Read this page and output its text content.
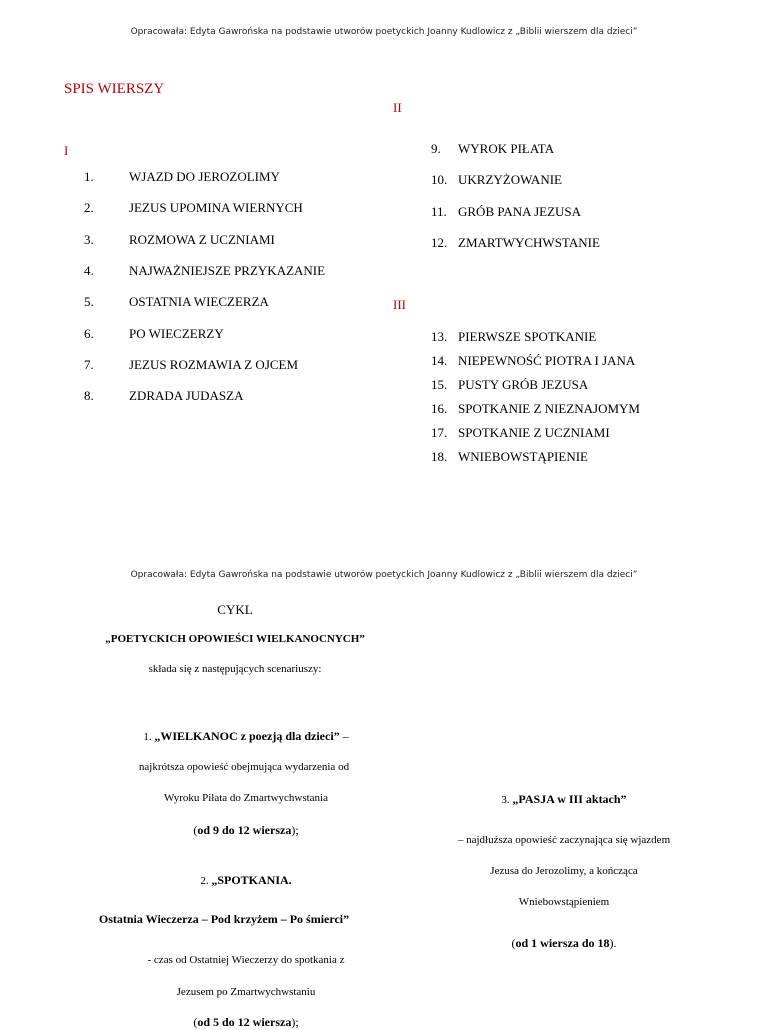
Opracowała: Edyta Gawrońska na podstawie utworów poetyckich Joanny Kudlowicz z „Biblii wierszem dla dzieci”
SPIS WIERSZY
I
II
III
1.	WJAZD DO JEROZOLIMY
2.	JEZUS UPOMINA WIERNYCH
3.	ROZMOWA Z UCZNIAMI
4.	NAJWAŻNIEJSZE PRZYKAZANIE
5.	OSTATNIA WIECZERZA
6.	PO WIECZERZY
7.	JEZUS ROZMAWIA Z OJCEM
8.	ZDRADA JUDASZA
9. WYROK PIŁATA
10. UKRZYŻOWANIE
11. GRÓB PANA JEZUSA
12. ZMARTWYCHWSTANIE
13. PIERWSZE SPOTKANIE
14. NIEPEWNOŚĆ PIOTRA I JANA
15. PUSTY GRÓB JEZUSA
16. SPOTKANIE Z NIEZNAJOMYM
17. SPOTKANIE Z UCZNIAMI
18. WNIEBOWSTĄPIENIE
Opracowała: Edyta Gawrońska na podstawie utworów poetyckich Joanny Kudlowicz z „Biblii wierszem dla dzieci”
CYKL
„POETYCKICH OPOWIEŚCI WIELKANOCNYCH”
składa się z następujących scenariuszy:
1. „WIELKANOC z poezją dla dzieci” –
najkrótsza opowieść obejmująca wydarzenia od
Wyroku Piłata do Zmartwychwstania
(od 9 do 12 wiersza);
2. „SPOTKANIA.
Ostatnia Wieczerza – Pod krzyżem – Po śmierci”
- czas od Ostatniej Wieczerzy do spotkania z
Jezusem po Zmartwychwstaniu
(od 5 do 12 wiersza);
3. „PASJA w III aktach”
– najdłuższa opowieść zaczynająca się wjazdem
Jezusa do Jerozolimy, a kończąca
Wniebowstąpieniem
(od 1 wiersza do 18).
